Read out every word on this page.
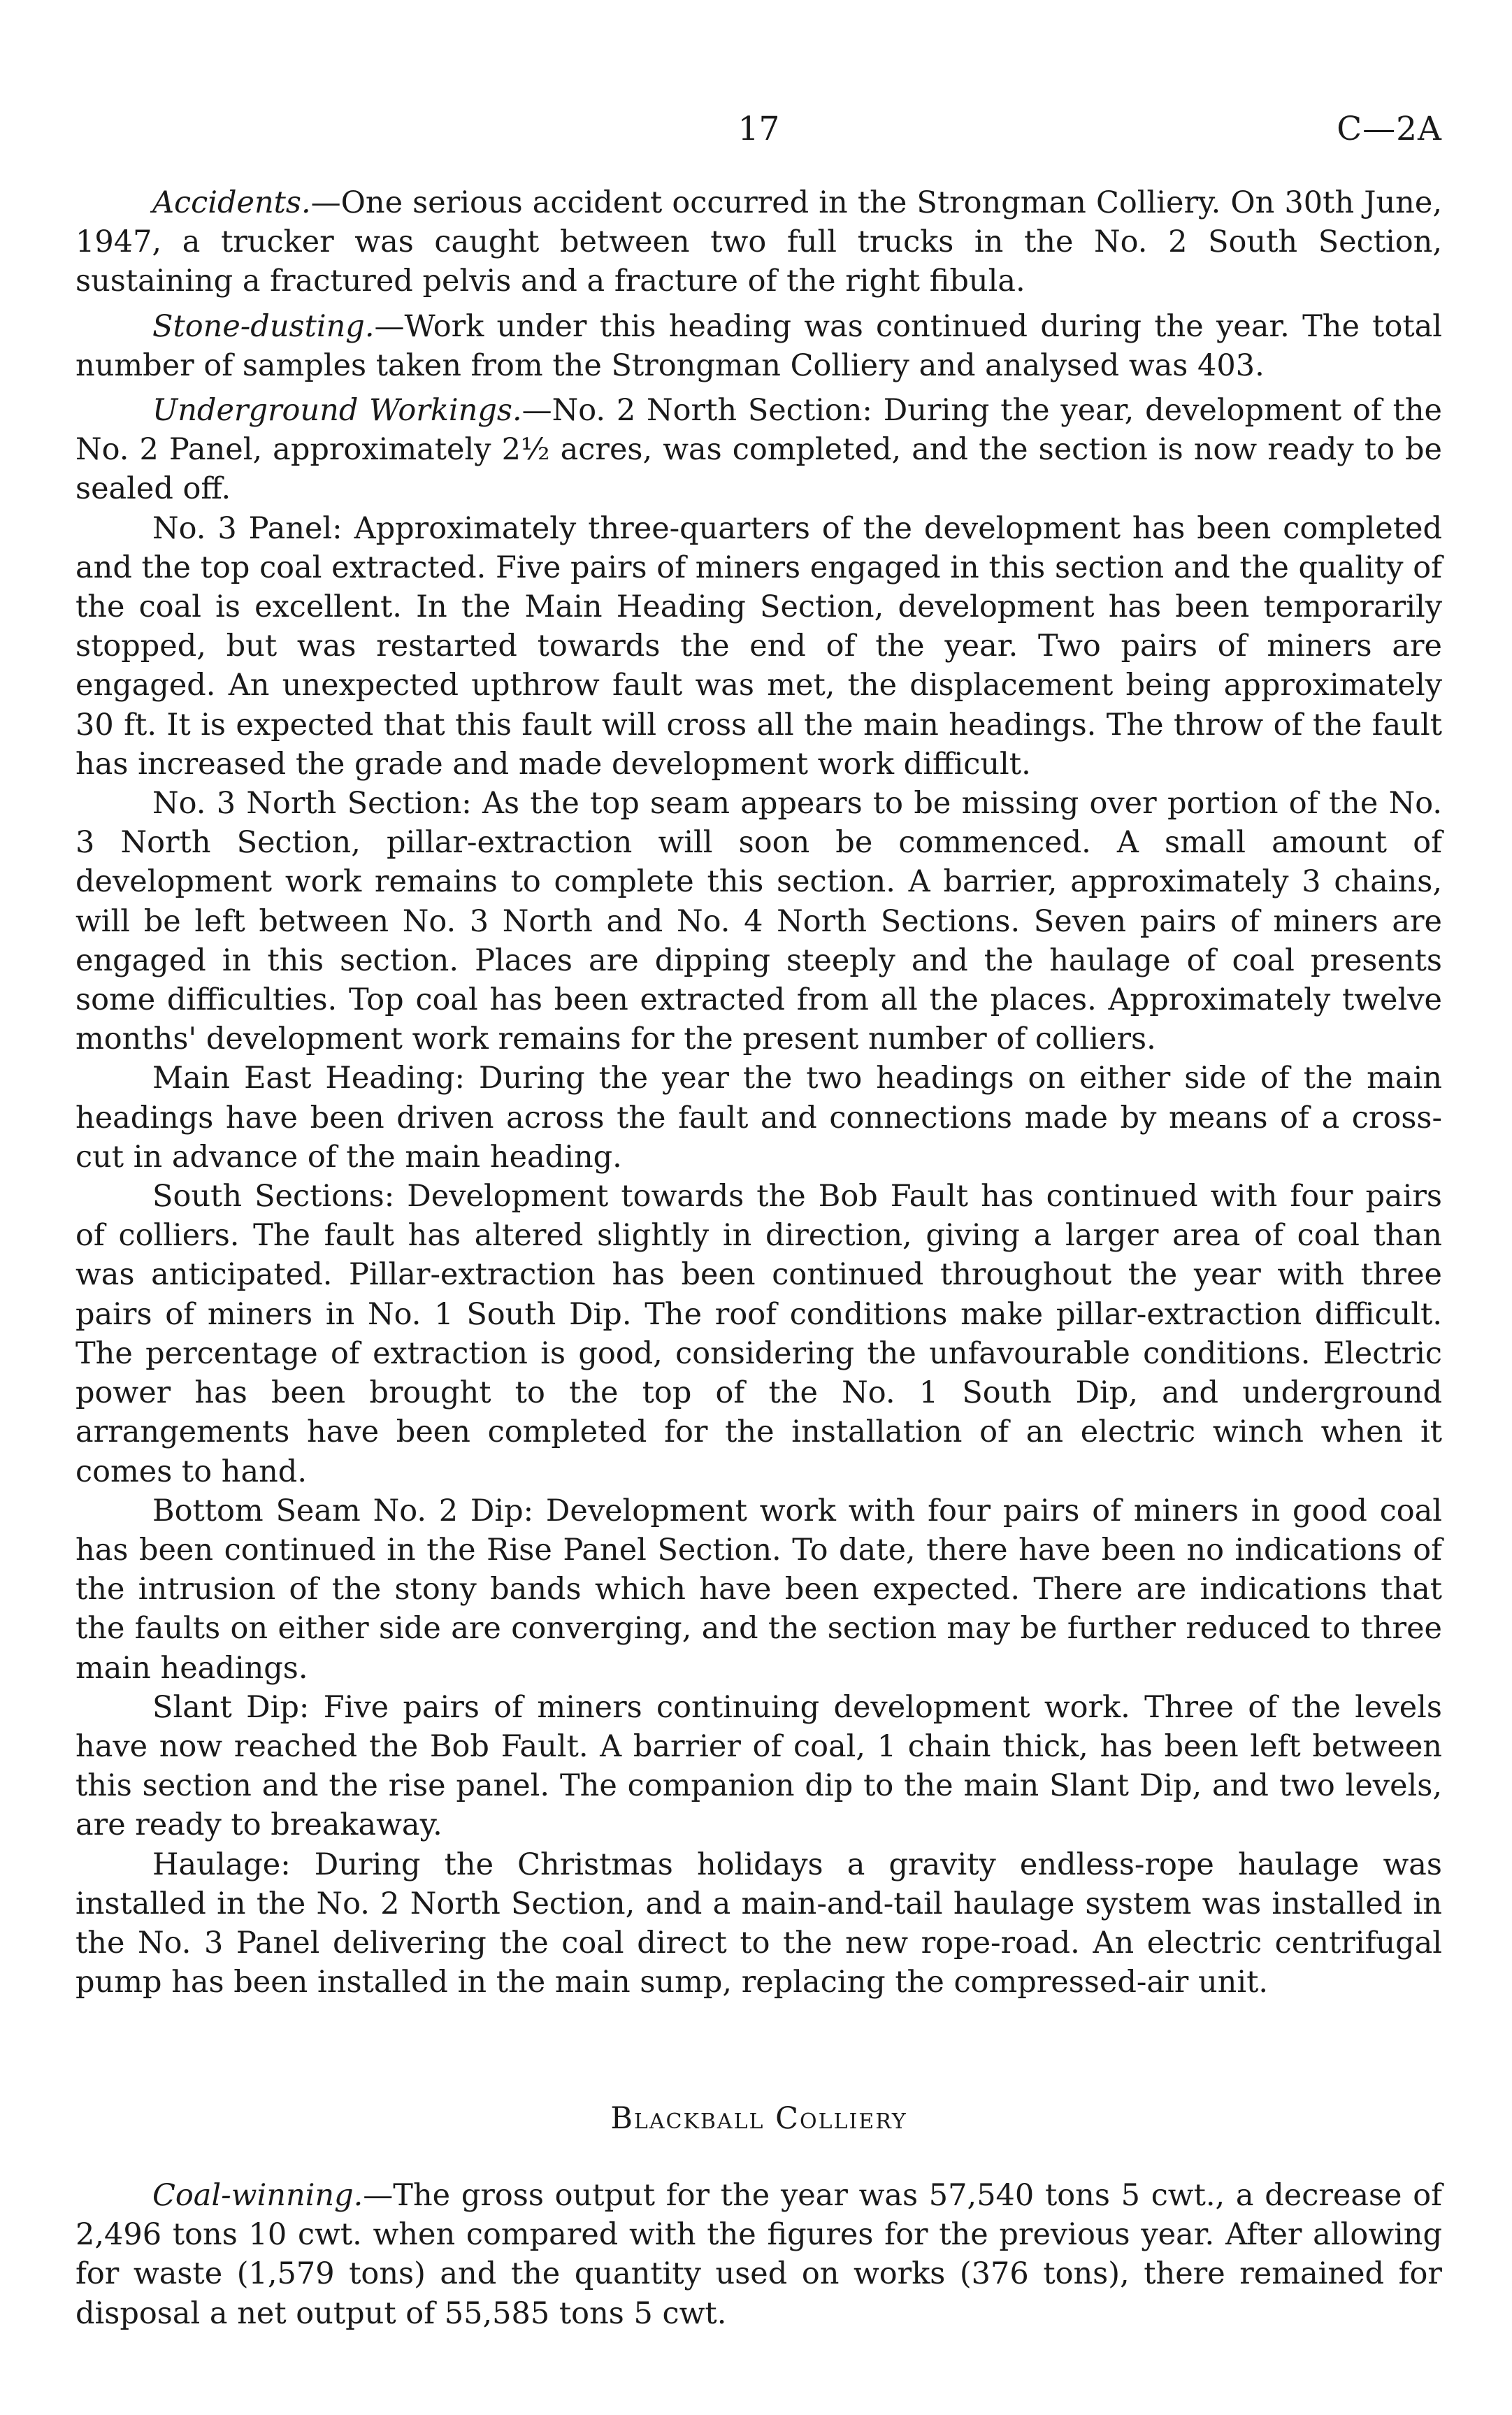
17	C—2A

Accidents.—One serious accident occurred in the Strongman Colliery. On 30th June, 1947, a trucker was caught between two full trucks in the No. 2 South Section, sustaining a fractured pelvis and a fracture of the right fibula.

Stone-dusting.—Work under this heading was continued during the year. The total number of samples taken from the Strongman Colliery and analysed was 403.

Underground Workings.—No. 2 North Section: During the year, development of the No. 2 Panel, approximately 2½ acres, was completed, and the section is now ready to be sealed off.

No. 3 Panel: Approximately three-quarters of the development has been completed and the top coal extracted. Five pairs of miners engaged in this section and the quality of the coal is excellent. In the Main Heading Section, development has been temporarily stopped, but was restarted towards the end of the year. Two pairs of miners are engaged. An unexpected upthrow fault was met, the displacement being approximately 30 ft. It is expected that this fault will cross all the main headings. The throw of the fault has increased the grade and made development work difficult.

No. 3 North Section: As the top seam appears to be missing over portion of the No. 3 North Section, pillar-extraction will soon be commenced. A small amount of development work remains to complete this section. A barrier, approximately 3 chains, will be left between No. 3 North and No. 4 North Sections. Seven pairs of miners are engaged in this section. Places are dipping steeply and the haulage of coal presents some difficulties. Top coal has been extracted from all the places. Approximately twelve months' development work remains for the present number of colliers.

Main East Heading: During the year the two headings on either side of the main headings have been driven across the fault and connections made by means of a cross-cut in advance of the main heading.

South Sections: Development towards the Bob Fault has continued with four pairs of colliers. The fault has altered slightly in direction, giving a larger area of coal than was anticipated. Pillar-extraction has been continued throughout the year with three pairs of miners in No. 1 South Dip. The roof conditions make pillar-extraction difficult. The percentage of extraction is good, considering the unfavourable conditions. Electric power has been brought to the top of the No. 1 South Dip, and underground arrangements have been completed for the installation of an electric winch when it comes to hand.

Bottom Seam No. 2 Dip: Development work with four pairs of miners in good coal has been continued in the Rise Panel Section. To date, there have been no indications of the intrusion of the stony bands which have been expected. There are indications that the faults on either side are converging, and the section may be further reduced to three main headings.

Slant Dip: Five pairs of miners continuing development work. Three of the levels have now reached the Bob Fault. A barrier of coal, 1 chain thick, has been left between this section and the rise panel. The companion dip to the main Slant Dip, and two levels, are ready to breakaway.

Haulage: During the Christmas holidays a gravity endless-rope haulage was installed in the No. 2 North Section, and a main-and-tail haulage system was installed in the No. 3 Panel delivering the coal direct to the new rope-road. An electric centrifugal pump has been installed in the main sump, replacing the compressed-air unit.

Blackball Colliery

Coal-winning.—The gross output for the year was 57,540 tons 5 cwt., a decrease of 2,496 tons 10 cwt. when compared with the figures for the previous year. After allowing for waste (1,579 tons) and the quantity used on works (376 tons), there remained for disposal a net output of 55,585 tons 5 cwt.
